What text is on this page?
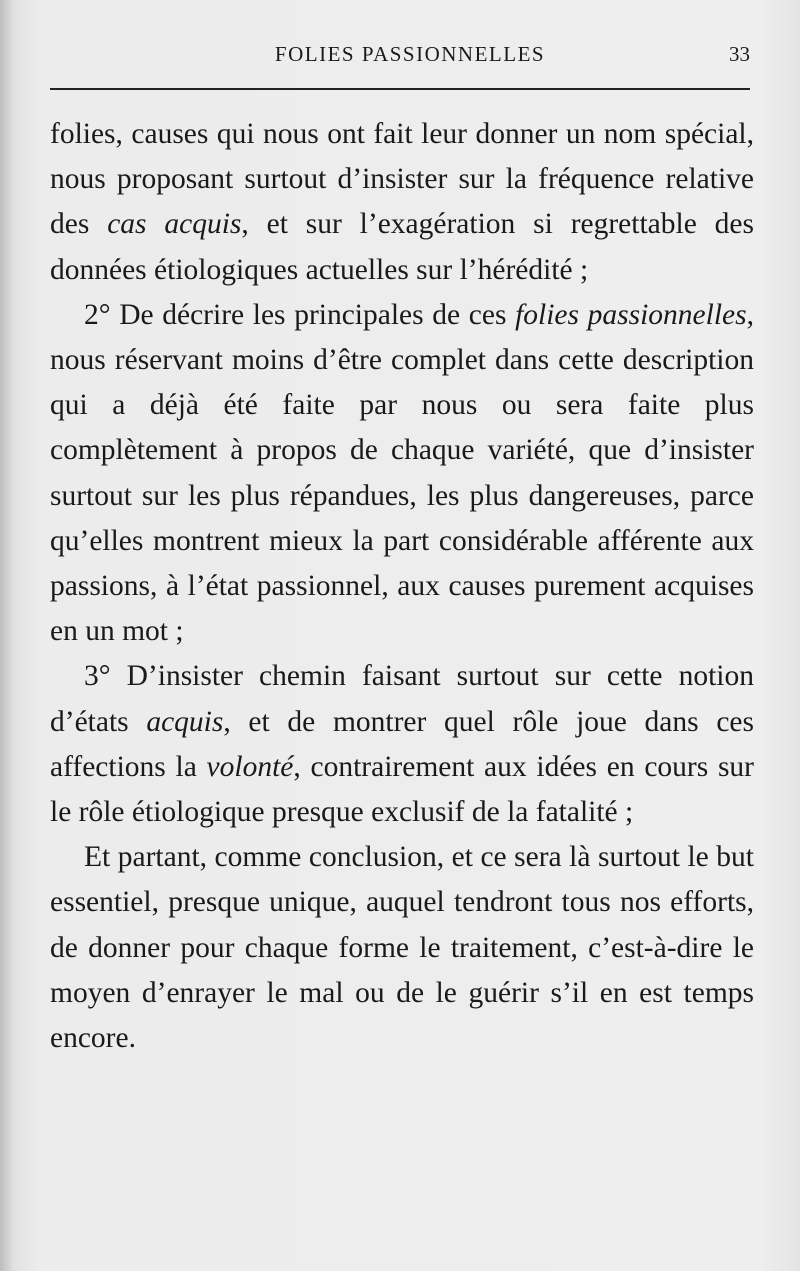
FOLIES PASSIONNELLES	33

folies, causes qui nous ont fait leur donner un nom spécial, nous proposant surtout d’insister sur la fréquence relative des cas acquis, et sur l’exagération si regrettable des données étiologiques actuelles sur l’hérédité ;

2° De décrire les principales de ces folies passionnelles, nous réservant moins d’être complet dans cette description qui a déjà été faite par nous ou sera faite plus complètement à propos de chaque variété, que d’insister surtout sur les plus répandues, les plus dangereuses, parce qu’elles montrent mieux la part considérable afférente aux passions, à l’état passionnel, aux causes purement acquises en un mot ;

3° D’insister chemin faisant surtout sur cette notion d’états acquis, et de montrer quel rôle joue dans ces affections la volonté, contrairement aux idées en cours sur le rôle étiologique presque exclusif de la fatalité ;

Et partant, comme conclusion, et ce sera là surtout le but essentiel, presque unique, auquel tendront tous nos efforts, de donner pour chaque forme le traitement, c’est-à-dire le moyen d’enrayer le mal ou de le guérir s’il en est temps encore.
